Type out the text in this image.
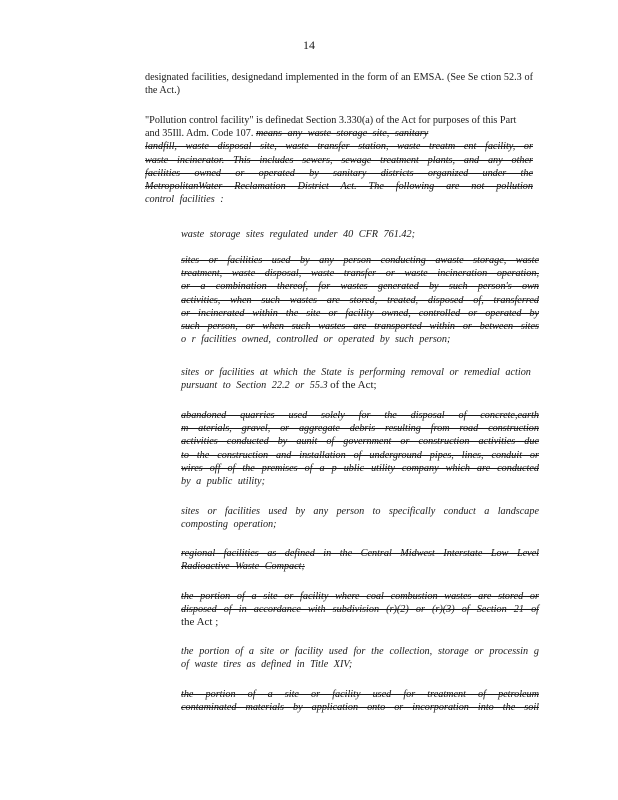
14
designated facilities, designedand implemented in the form of an EMSA. (See Se ction 52.3 of the Act.)
"Pollution control facility" is definedat Section 3.330(a) of the Act for purposes of this Part and 35Ill. Adm. Code 107. means any waste storage site, sanitary
landfill, waste disposal site, waste transfer station, waste treatm ent facility, or
waste incinerator. This includes sewers, sewage treatment plants, and any other
facilities owned or operated by sanitary districts organized under the
MetropolitanWater Reclamation District Act. The following are not pollution
control facilities :
waste storage sites regulated under 40 CFR 761.42;
sites or facilities used by any person conducting awaste storage, waste
treatment, waste disposal, waste transfer or waste incineration operation,
or a combination thereof, for wastes generated by such person's own
activities, when such wastes are stored, treated, disposed of, transferred
or incinerated within the site or facility owned, controlled or operated by
such person, or when such wastes are transported within or between sites
o r facilities owned, controlled or operated by such person;
sites or facilities at which the State is performing removal or remedial action pursuant to Section 22.2 or 55.3 of the Act;
abandoned quarries used solely for the disposal of concrete,earth
m aterials, gravel, or aggregate debris resulting from road construction
activities conducted by aunit of government or construction activities due
to the construction and installation of underground pipes, lines, conduit or
wires off of the premises of a p ublic utility company which are conducted
by a public utility;
sites or facilities used by any person to specifically conduct a landscape composting operation;
regional facilities as defined in the Central Midwest Interstate Low Level
Radioactive Waste Compact;
the portion of a site or facility where coal combustion wastes are stored or
disposed of in accordance with subdivision (r)(2) or (r)(3) of Section 21 of
the Act ;
the portion of a site or facility used for the collection, storage or processin g of waste tires as defined in Title XIV;
the portion of a site or facility used for treatment of petroleum
contaminated materials by application onto or incorporation into the soil
